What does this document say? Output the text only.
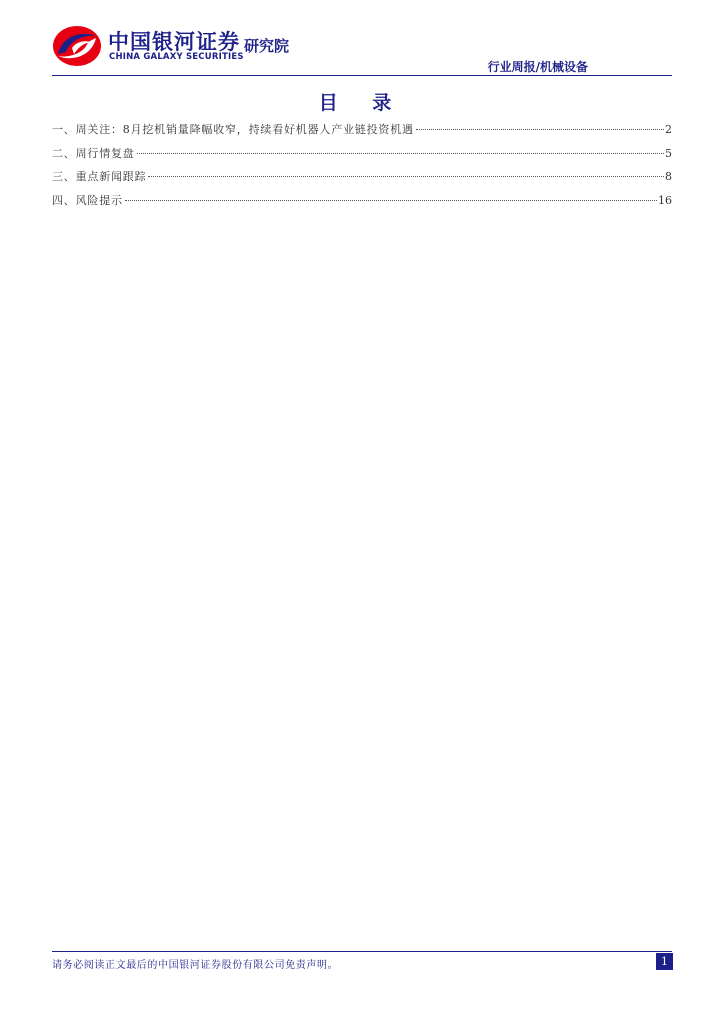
中国银河证券
CHINA GALAXY SECURITIES
研究院
行业周报/机械设备
目 录
一、周关注：8月挖机销量降幅收窄，持续看好机器人产业链投资机遇	2
二、周行情复盘	5
三、重点新闻跟踪	8
四、风险提示	16
请务必阅读正文最后的中国银河证券股份有限公司免责声明。	1
